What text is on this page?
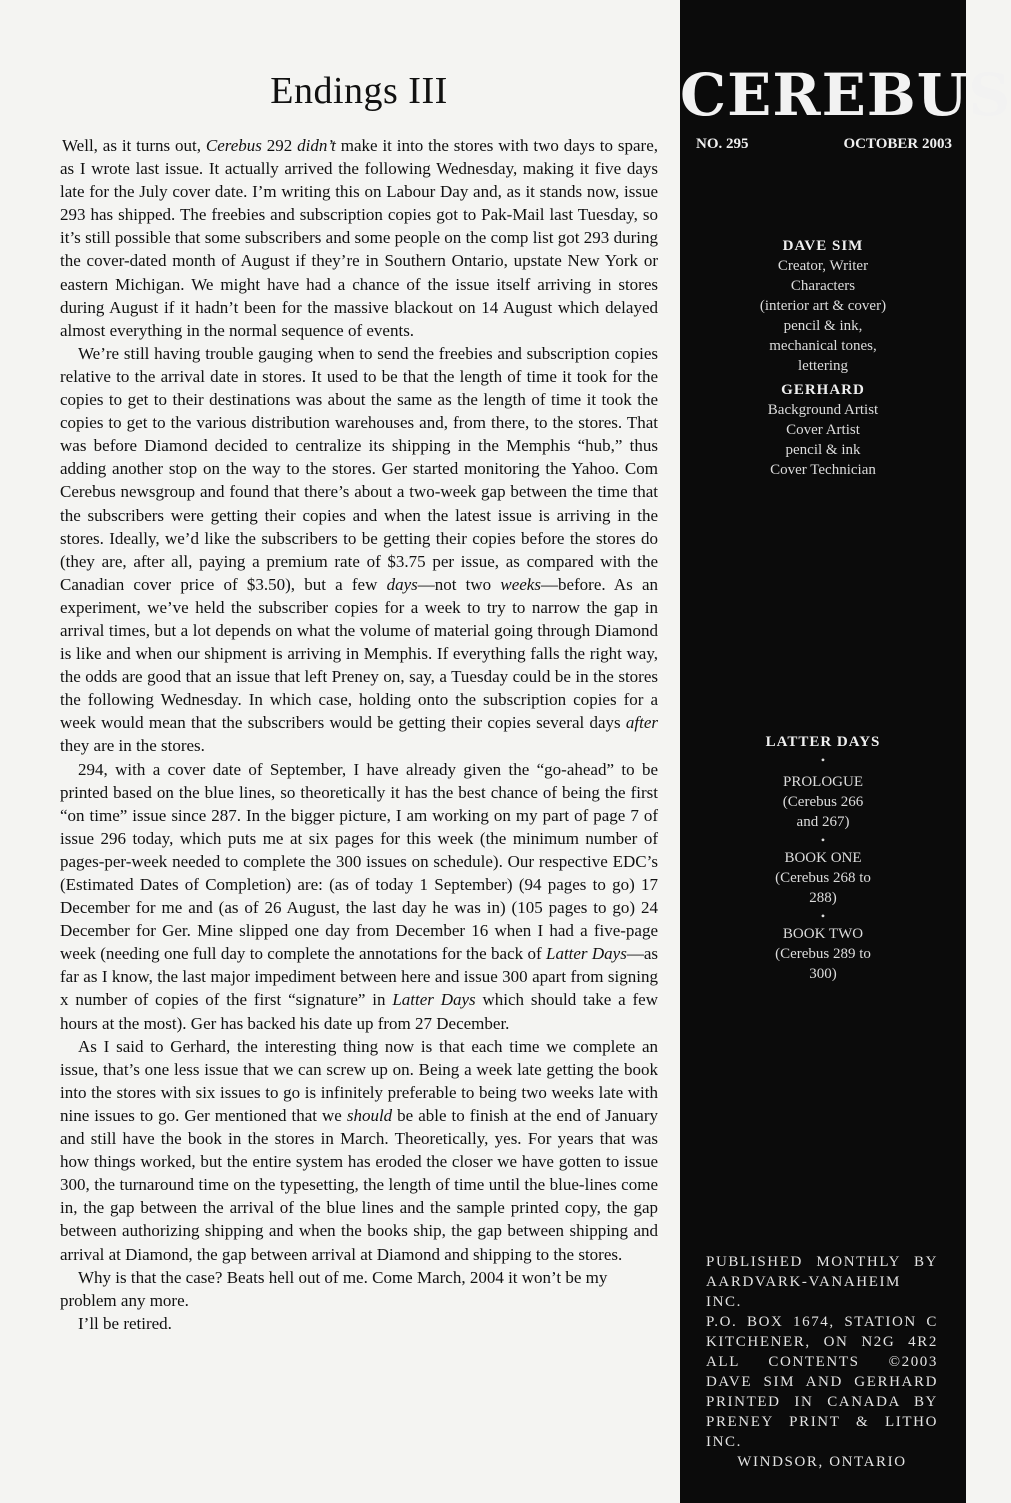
Endings III

Well, as it turns out, Cerebus 292 didn’t make it into the stores with two days to spare, as I wrote last issue. It actually arrived the following Wednesday, making it five days late for the July cover date. I’m writing this on Labour Day and, as it stands now, issue 293 has shipped. The freebies and subscription copies got to Pak-Mail last Tuesday, so it’s still possible that some subscribers and some people on the comp list got 293 during the cover-dated month of August if they’re in Southern Ontario, upstate New York or eastern Michigan. We might have had a chance of the issue itself arriving in stores during August if it hadn’t been for the massive blackout on 14 August which delayed almost everything in the normal sequence of events.

We’re still having trouble gauging when to send the freebies and subscription copies relative to the arrival date in stores. It used to be that the length of time it took for the copies to get to their destinations was about the same as the length of time it took the copies to get to the various distribution warehouses and, from there, to the stores. That was before Diamond decided to centralize its shipping in the Memphis “hub,” thus adding another stop on the way to the stores. Ger started monitoring the Yahoo. Com Cerebus newsgroup and found that there’s about a two-week gap between the time that the subscribers were getting their copies and when the latest issue is arriving in the stores. Ideally, we’d like the subscribers to be getting their copies before the stores do (they are, after all, paying a premium rate of $3.75 per issue, as compared with the Canadian cover price of $3.50), but a few days—not two weeks—before. As an experiment, we’ve held the subscriber copies for a week to try to narrow the gap in arrival times, but a lot depends on what the volume of material going through Diamond is like and when our shipment is arriving in Memphis. If everything falls the right way, the odds are good that an issue that left Preney on, say, a Tuesday could be in the stores the following Wednesday. In which case, holding onto the subscription copies for a week would mean that the subscribers would be getting their copies several days after they are in the stores.

294, with a cover date of September, I have already given the “go-ahead” to be printed based on the blue lines, so theoretically it has the best chance of being the first “on time” issue since 287. In the bigger picture, I am working on my part of page 7 of issue 296 today, which puts me at six pages for this week (the minimum number of pages-per-week needed to complete the 300 issues on schedule). Our respective EDC’s (Estimated Dates of Completion) are: (as of today 1 September) (94 pages to go) 17 December for me and (as of 26 August, the last day he was in) (105 pages to go) 24 December for Ger. Mine slipped one day from December 16 when I had a five-page week (needing one full day to complete the annotations for the back of Latter Days—as far as I know, the last major impediment between here and issue 300 apart from signing x number of copies of the first “signature” in Latter Days which should take a few hours at the most). Ger has backed his date up from 27 December.

As I said to Gerhard, the interesting thing now is that each time we complete an issue, that’s one less issue that we can screw up on. Being a week late getting the book into the stores with six issues to go is infinitely preferable to being two weeks late with nine issues to go. Ger mentioned that we should be able to finish at the end of January and still have the book in the stores in March. Theoretically, yes. For years that was how things worked, but the entire system has eroded the closer we have gotten to issue 300, the turnaround time on the typesetting, the length of time until the blue-lines come in, the gap between the arrival of the blue lines and the sample printed copy, the gap between authorizing shipping and when the books ship, the gap between shipping and arrival at Diamond, the gap between arrival at Diamond and shipping to the stores.

Why is that the case? Beats hell out of me. Come March, 2004 it won’t be my problem any more.

I’ll be retired.

CEREBUS
NO. 295	OCTOBER 2003
DAVE SIM
Creator, Writer
Characters
(interior art & cover)
pencil & ink,
mechanical tones,
lettering
GERHARD
Background Artist
Cover Artist
pencil & ink
Cover Technician
LATTER DAYS
•
PROLOGUE
(Cerebus 266
and 267)
•
BOOK ONE
(Cerebus 268 to
288)
•
BOOK TWO
(Cerebus 289 to
300)
PUBLISHED MONTHLY BY
AARDVARK-VANAHEIM INC.
P.O. BOX 1674, STATION C
KITCHENER, ON N2G 4R2
ALL CONTENTS ©2003
DAVE SIM AND GERHARD
PRINTED IN CANADA BY
PRENEY PRINT & LITHO INC.
WINDSOR, ONTARIO
